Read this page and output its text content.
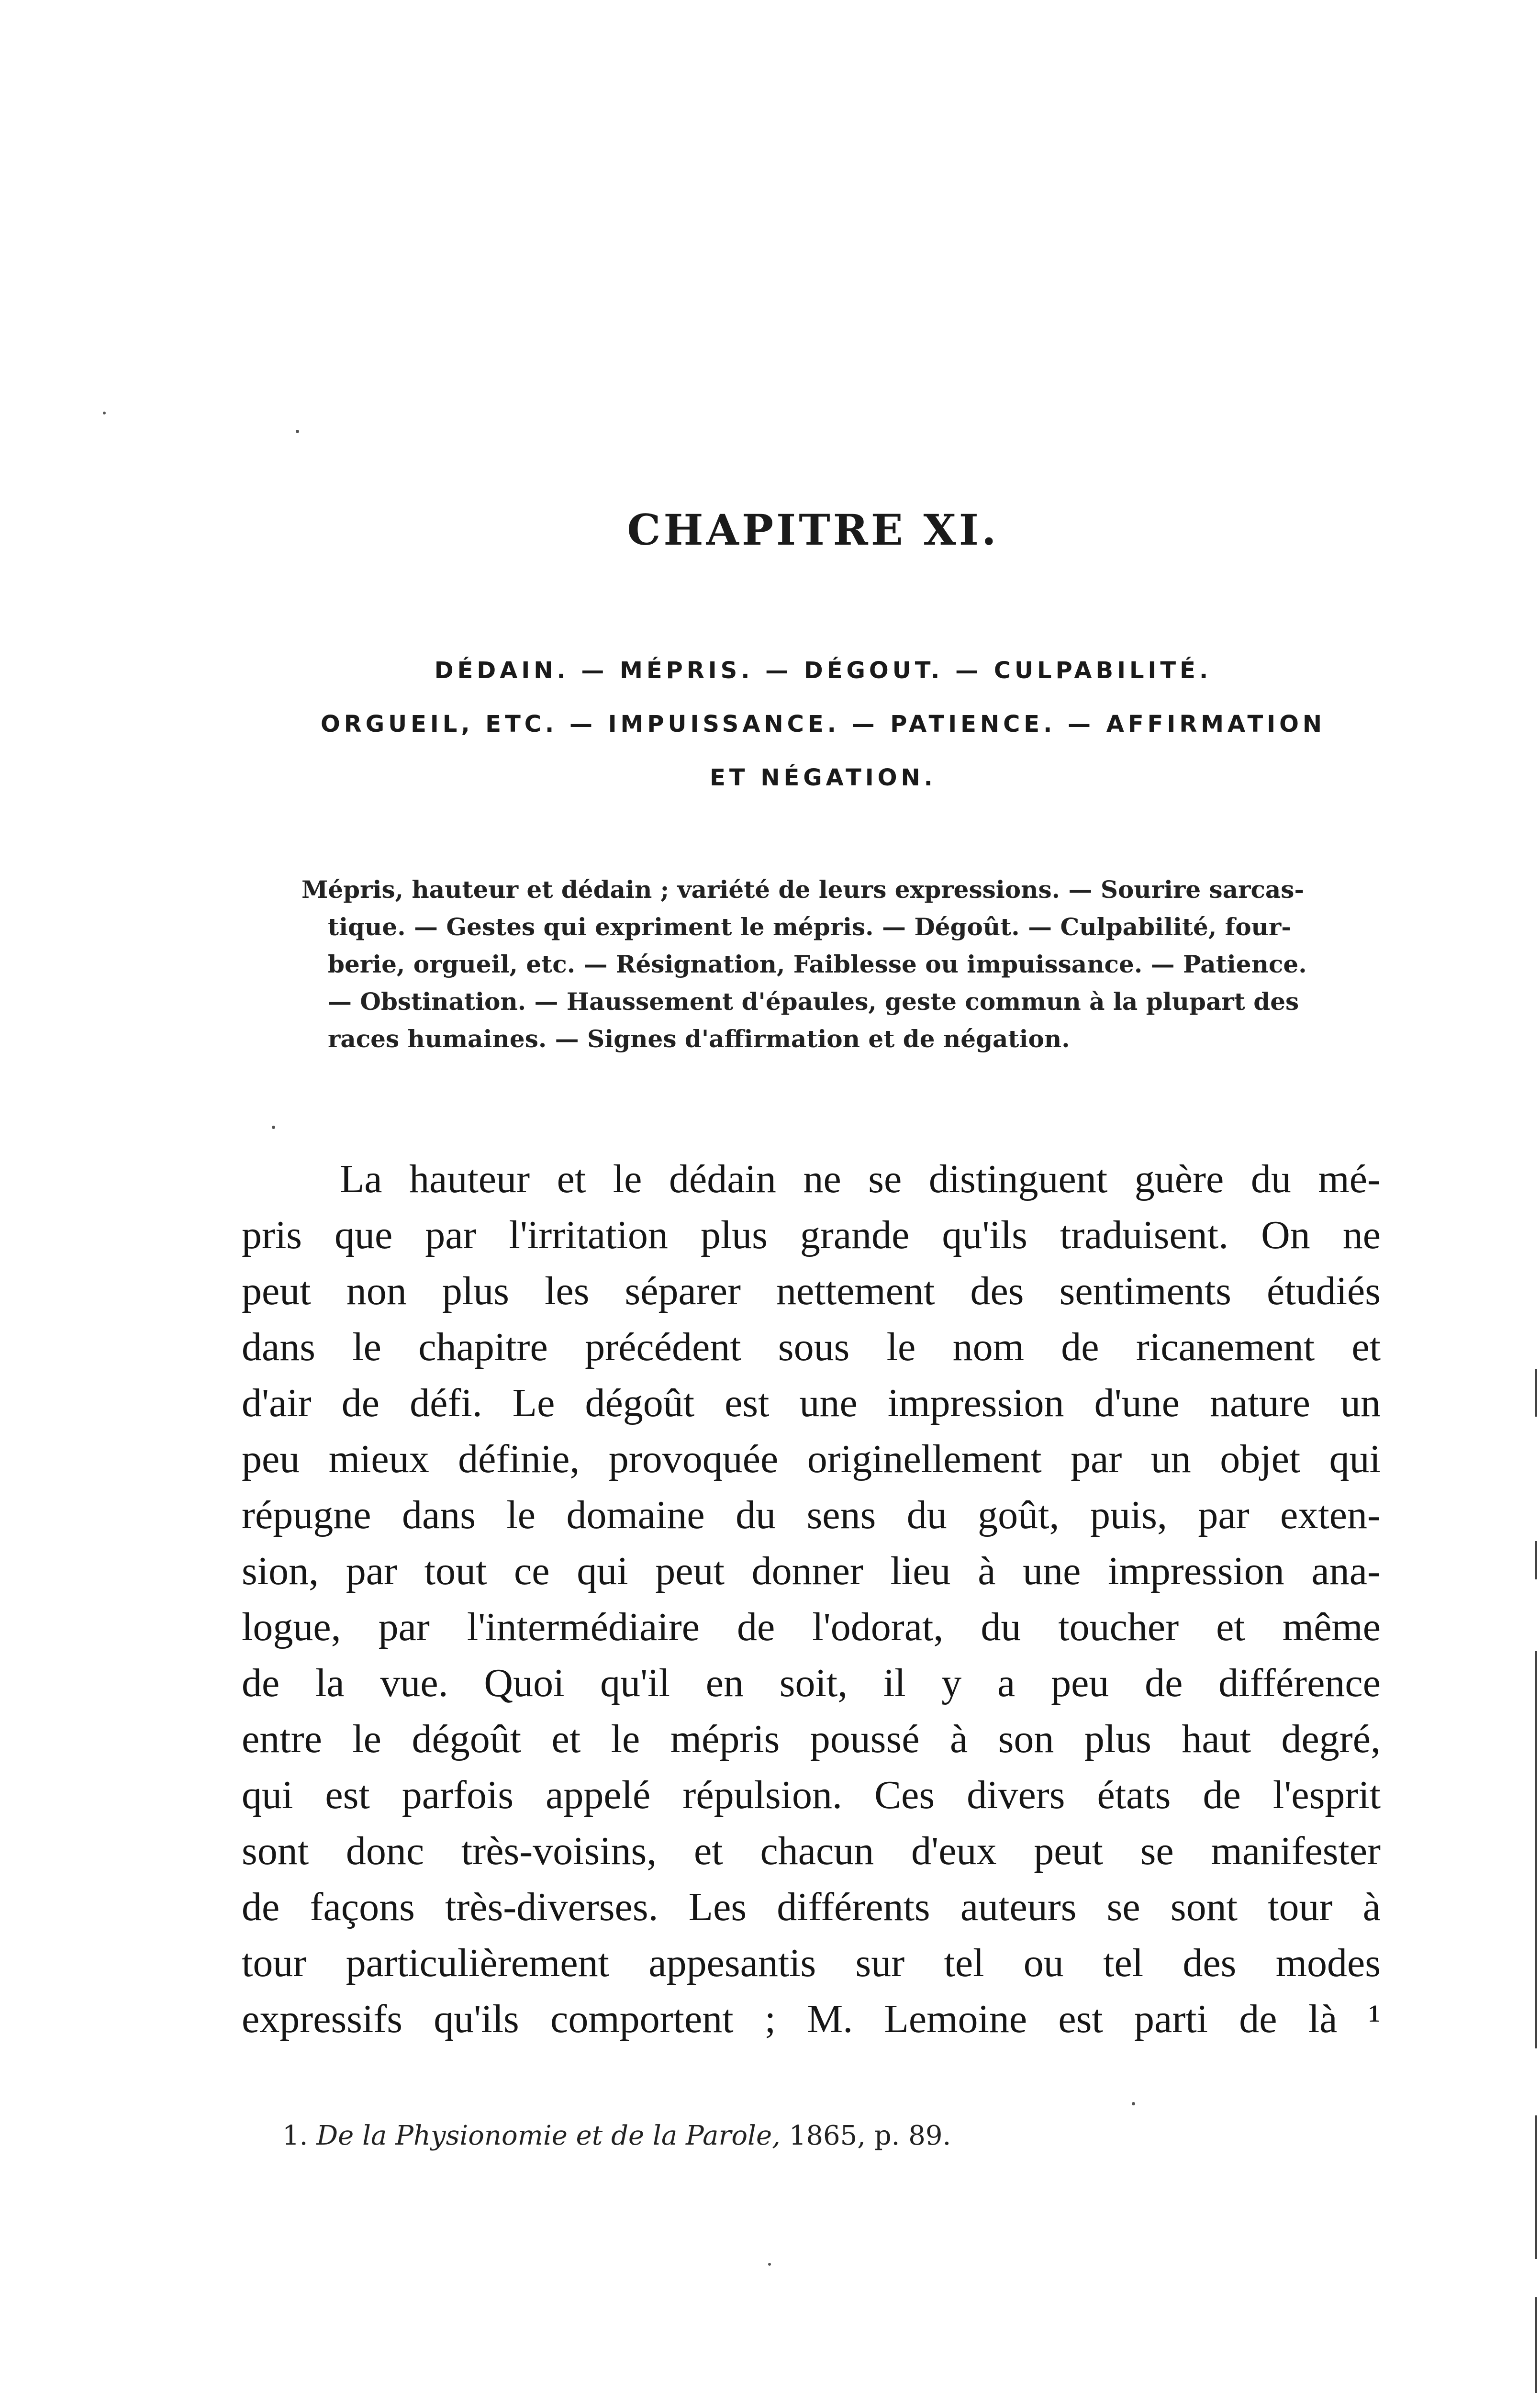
CHAPITRE XI.
DÉDAIN. — MÉPRIS. — DÉGOUT. — CULPABILITÉ.
ORGUEIL, ETC. — IMPUISSANCE. — PATIENCE. — AFFIRMATION
ET NÉGATION.
Mépris, hauteur et dédain ; variété de leurs expressions. — Sourire sarcas-
tique. — Gestes qui expriment le mépris. — Dégoût. — Culpabilité, four-
berie, orgueil, etc. — Résignation, Faiblesse ou impuissance. — Patience.
— Obstination. — Haussement d'épaules, geste commun à la plupart des
races humaines. — Signes d'affirmation et de négation.
La hauteur et le dédain ne se distinguent guère du mé-
pris que par l'irritation plus grande qu'ils traduisent. On ne
peut non plus les séparer nettement des sentiments étudiés
dans le chapitre précédent sous le nom de ricanement et
d'air de défi. Le dégoût est une impression d'une nature un
peu mieux définie, provoquée originellement par un objet qui
répugne dans le domaine du sens du goût, puis, par exten-
sion, par tout ce qui peut donner lieu à une impression ana-
logue, par l'intermédiaire de l'odorat, du toucher et même
de la vue. Quoi qu'il en soit, il y a peu de différence
entre le dégoût et le mépris poussé à son plus haut degré,
qui est parfois appelé répulsion. Ces divers états de l'esprit
sont donc très-voisins, et chacun d'eux peut se manifester
de façons très-diverses. Les différents auteurs se sont tour à
tour particulièrement appesantis sur tel ou tel des modes
expressifs qu'ils comportent ; M. Lemoine est parti de là ¹
1. De la Physionomie et de la Parole, 1865, p. 89.
